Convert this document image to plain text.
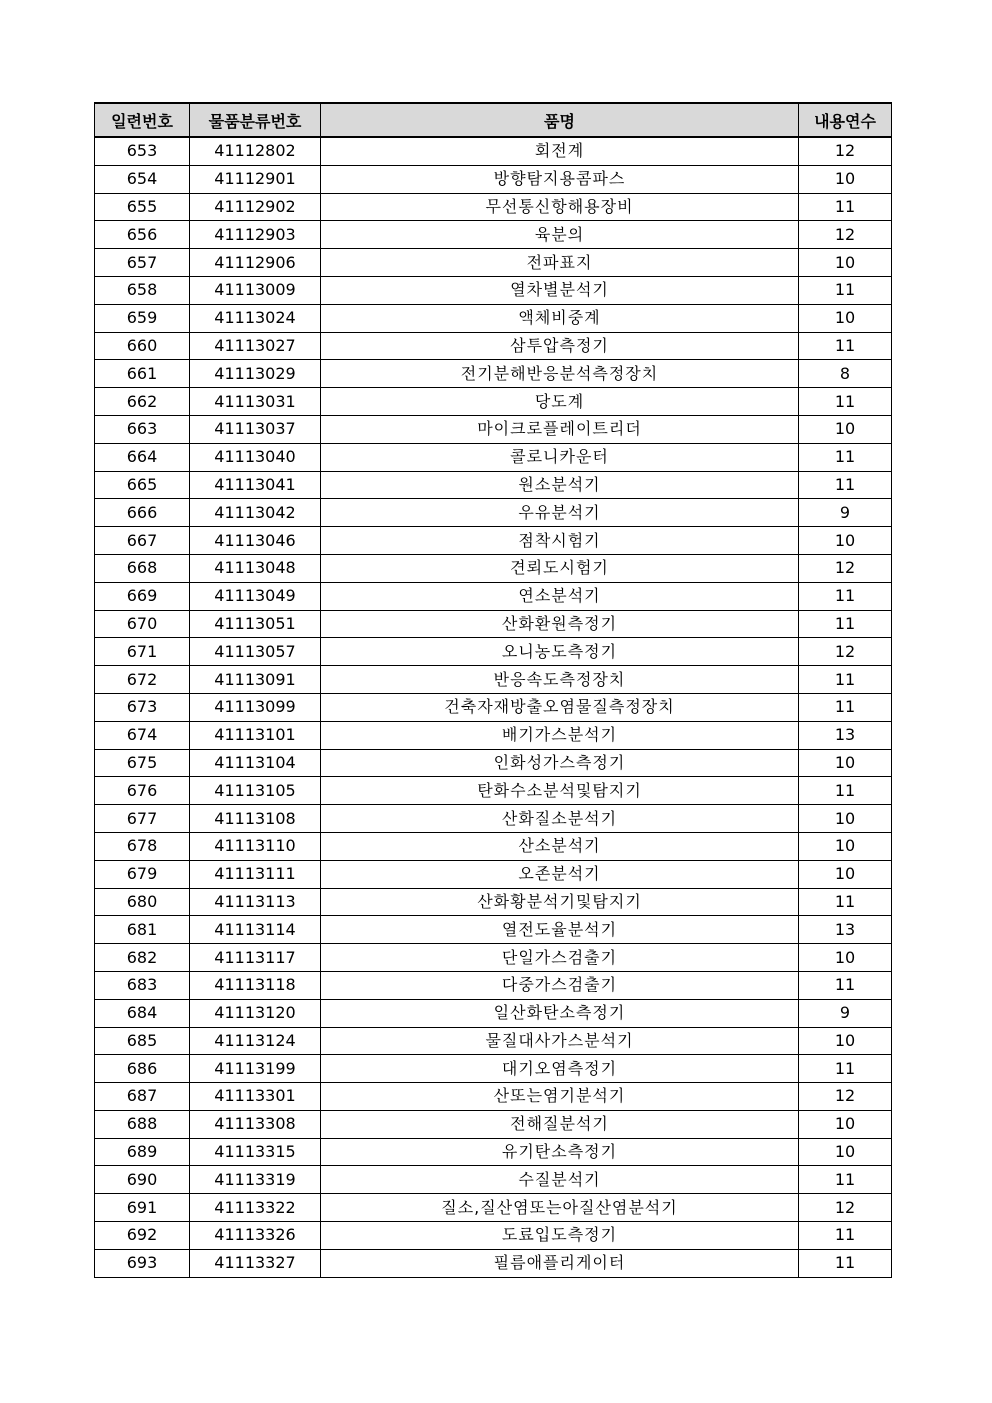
일련번호	물품분류번호	품명	내용연수
653	41112802	회전계	12
654	41112901	방향탐지용콤파스	10
655	41112902	무선통신항해용장비	11
656	41112903	육분의	12
657	41112906	전파표지	10
658	41113009	열차별분석기	11
659	41113024	액체비중계	10
660	41113027	삼투압측정기	11
661	41113029	전기분해반응분석측정장치	8
662	41113031	당도계	11
663	41113037	마이크로플레이트리더	10
664	41113040	콜로니카운터	11
665	41113041	원소분석기	11
666	41113042	우유분석기	9
667	41113046	점착시험기	10
668	41113048	견뢰도시험기	12
669	41113049	연소분석기	11
670	41113051	산화환원측정기	11
671	41113057	오니농도측정기	12
672	41113091	반응속도측정장치	11
673	41113099	건축자재방출오염물질측정장치	11
674	41113101	배기가스분석기	13
675	41113104	인화성가스측정기	10
676	41113105	탄화수소분석및탐지기	11
677	41113108	산화질소분석기	10
678	41113110	산소분석기	10
679	41113111	오존분석기	10
680	41113113	산화황분석기및탐지기	11
681	41113114	열전도율분석기	13
682	41113117	단일가스검출기	10
683	41113118	다중가스검출기	11
684	41113120	일산화탄소측정기	9
685	41113124	물질대사가스분석기	10
686	41113199	대기오염측정기	11
687	41113301	산또는염기분석기	12
688	41113308	전해질분석기	10
689	41113315	유기탄소측정기	10
690	41113319	수질분석기	11
691	41113322	질소,질산염또는아질산염분석기	12
692	41113326	도료입도측정기	11
693	41113327	필름애플리게이터	11
